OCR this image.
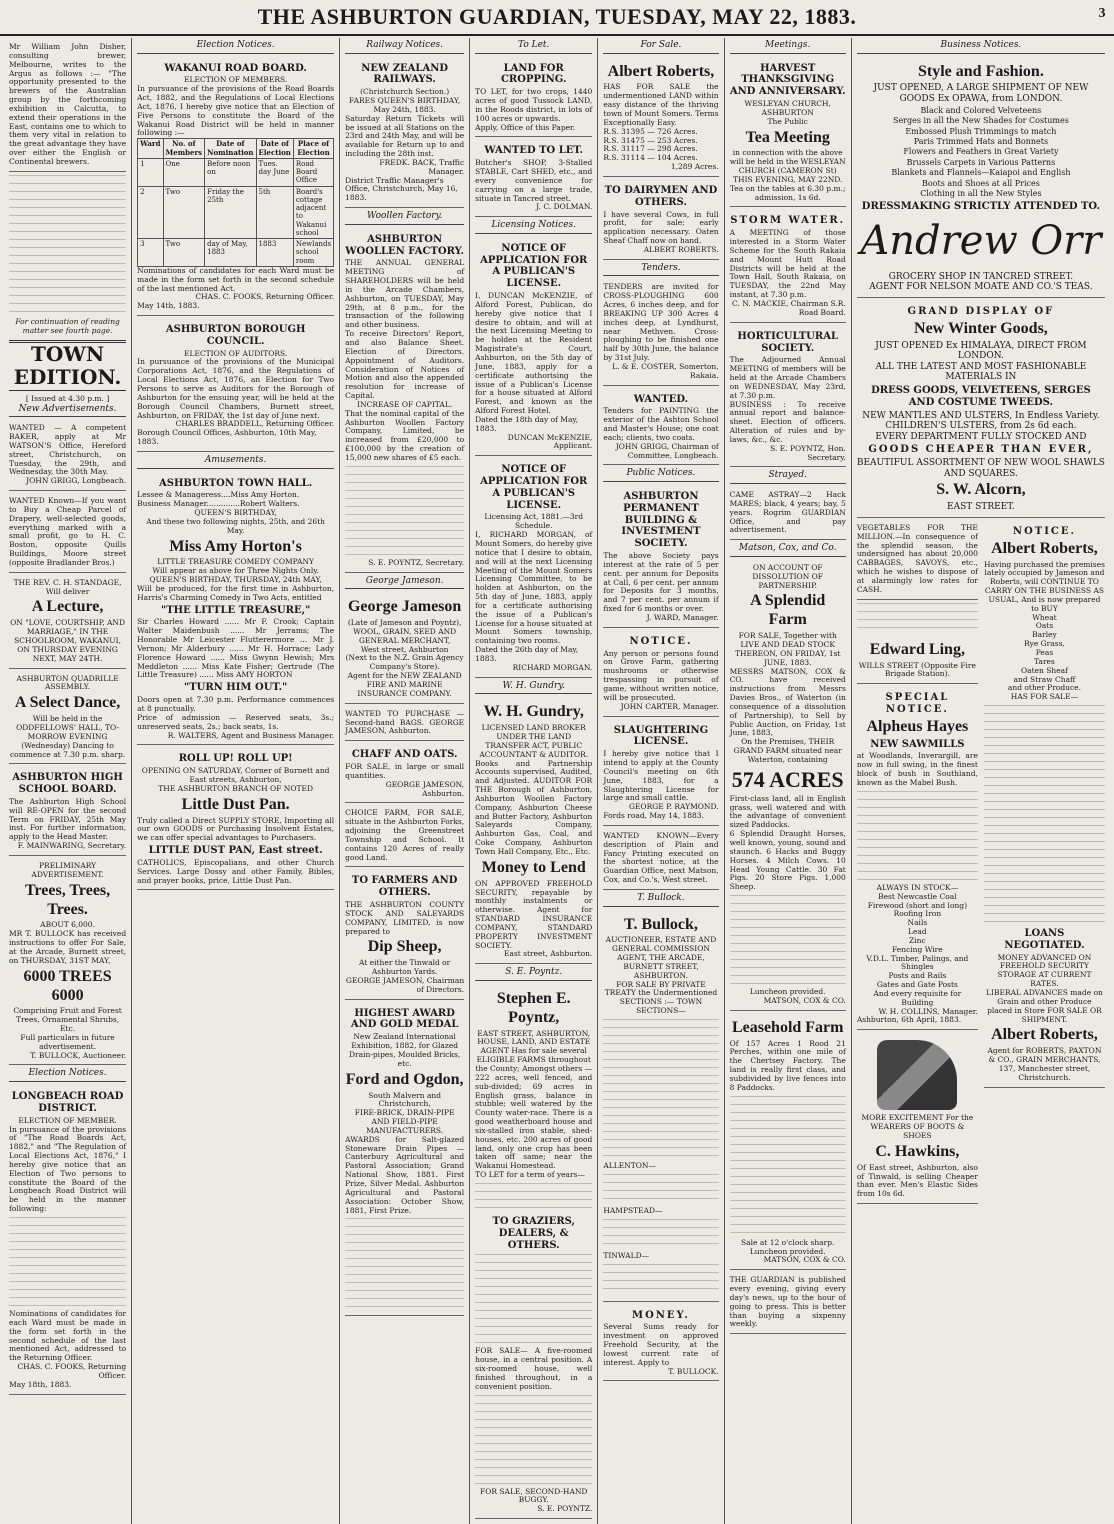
THE ASHBURTON GUARDIAN, TUESDAY, MAY 22, 1883.	3
Mr William John Disher, consulting brewer, Melbourne, writes to the Argus as follows :— "The opportunity presented to the brewers of the Australian group by the forthcoming exhibition in Calcutta, to extend their operations in the East, contains one to which to them very vital in relation to the great advantage they have over either the English or Continental brewers.
For continuation of reading matter see fourth page.
TOWN EDITION.
[ Issued at 4.30 p.m. ]
New Advertisements.
WANTED — A competent BAKER, apply at Mr WATSON'S Office, Hereford street, Christchurch, on Tuesday, the 29th, and Wednesday, the 30th May.
JOHN GRIGG, Longbeach.
WANTED Known—If you want to Buy a Cheap Parcel of Drapery, well-selected goods, everything marked with a small profit, go to H. C. Boston, opposite Quills Buildings, Moore street (opposite Bradlander Bros.)
THE REV. C. H. STANDAGE, Will deliver
A Lecture,
ON "LOVE, COURTSHIP, AND MARRIAGE," IN THE SCHOOLROOM, WAKANUI, ON THURSDAY EVENING NEXT, MAY 24TH.
ASHBURTON QUADRILLE ASSEMBLY.
A Select Dance,
Will be held in the ODDFELLOWS' HALL, TO-MORROW EVENING (Wednesday) Dancing to commence at 7.30 p.m. sharp.
ASHBURTON HIGH SCHOOL BOARD.
The Ashburton High School will RE-OPEN for the second Term on FRIDAY, 25th May inst. For further information, apply to the Head Master.
F. MAINWARING, Secretary.
PRELIMINARY ADVERTISEMENT.
Trees, Trees, Trees.
ABOUT 6,000.
MR T. BULLOCK has received instructions to offer For Sale, at the Arcade, Burnett street, on THURSDAY, 31ST MAY,
6000 TREES 6000
Comprising Fruit and Forest Trees, Ornamental Shrubs, Etc.
Full particulars in future advertisement.
T. BULLOCK, Auctioneer.
Election Notices.
LONGBEACH ROAD DISTRICT.
ELECTION OF MEMBER.
In pursuance of the provisions of "The Road Boards Act, 1882," and "The Regulation of Local Elections Act, 1876," I hereby give notice that an Election of Two persons to constitute the Board of the Longbeach Road District will be held in the manner following:
Nominations of candidates for each Ward must be made in the form set forth in the second schedule of the last mentioned Act, addressed to the Returning Officer.
CHAS. C. FOOKS, Returning Officer.
May 18th, 1883.
Election Notices.
WAKANUI ROAD BOARD.
ELECTION OF MEMBERS.
In pursuance of the provisions of the Road Boards Act, 1882, and the Regulations of Local Elections Act, 1876, I hereby give notice that an Election of Five Persons to constitute the Board of the Wakanui Road District will be held in manner following :—
Ward	No. of Members	Date of Nomination	Date of Election	Place of Election
1	One	Before noon on	Tues. day June	Road Board Office
2	Two	Friday the 25th	5th	Board's cottage adjacent to Wakanui school
3	Two	day of May, 1883	1883	Newlands school room
Nominations of candidates for each Ward must be made in the form set forth in the second schedule of the last mentioned Act.
CHAS. C. FOOKS, Returning Officer.
May 14th, 1883.
ASHBURTON BOROUGH COUNCIL.
ELECTION OF AUDITORS.
In pursuance of the provisions of the Municipal Corporations Act, 1876, and the Regulations of Local Elections Act, 1876, an Election for Two Persons to serve as Auditors for the Borough of Ashburton for the ensuing year, will be held at the Borough Council Chambers, Burnett street, Ashburton, on FRIDAY, the 1st day of June next.
CHARLES BRADDELL, Returning Officer.
Borough Council Offices, Ashburton, 10th May, 1883.
Amusements.
ASHBURTON TOWN HALL.
Lessee & Manageress....Miss Amy Horton.
Business Manager..............Robert Walters.
QUEEN'S BIRTHDAY,
And these two following nights, 25th, and 26th May.
Miss Amy Horton's
LITTLE TREASURE COMEDY COMPANY
Will appear as above for Three Nights Only.
QUEEN'S BIRTHDAY, THURSDAY, 24th MAY,
Will be produced, for the first time in Ashburton, Harris's Charming Comedy in Two Acts, entitled
"THE LITTLE TREASURE,"
Sir Charles Howard ...... Mr F. Crook; Captain Walter Maidenbush ...... Mr Jerrams; The Honorable Mr Leicester Flutterermore ... Mr J. Vernon; Mr Alderbury ...... Mr H. Horrace; Lady Florence Howard ...... Miss Gwynn Hewish; Mrs Meddleton ...... Miss Kate Fisher; Gertrude (The Little Treasure) ...... Miss AMY HORTON
"TURN HIM OUT."
Doors open at 7.30 p.m. Performance commences at 8 punctually.
Price of admission — Reserved seats, 3s.; unreserved seats, 2s.; back seats, 1s.
R. WALTERS, Agent and Business Manager.
ROLL UP! ROLL UP!
OPENING ON SATURDAY, Corner of Burnett and East streets, Ashburton,
THE ASHBURTON BRANCH OF NOTED
Little Dust Pan.
Truly called a Direct SUPPLY STORE, Importing all our own GOODS or Purchasing Insolvent Estates, we can offer special advantages to Purchasers.
LITTLE DUST PAN, East street.
CATHOLICS, Episcopalians, and other Church Services. Large Dossy and other Family, Bibles, and prayer books, price, Little Dust Pan.
Railway Notices.
NEW ZEALAND RAILWAYS.
(Christchurch Section.)
FARES QUEEN'S BIRTHDAY, May 24th, 1883.
Saturday Return Tickets will be issued at all Stations on the 23rd and 24th May, and will be available for Return up to and including the 28th inst.
FREDK. BACK, Traffic Manager.
District Traffic Manager's Office, Christchurch, May 16, 1883.
Woollen Factory.
ASHBURTON WOOLLEN FACTORY.
THE ANNUAL GENERAL MEETING of SHAREHOLDERS will be held in the Arcade Chambers, Ashburton, on TUESDAY, May 29th, at 8 p.m., for the transaction of the following and other business.
To receive Directors' Report, and also Balance Sheet. Election of Directors. Appointment of Auditors. Consideration of Notices of Motion and also the appended resolution for increase of Capital.
INCREASE OF CAPITAL.
That the nominal capital of the Ashburton Woollen Factory Company, Limited, be increased from £20,000 to £100,000 by the creation of 15,000 new shares of £5 each.
S. E. POYNTZ, Secretary.
George Jameson.
George Jameson
(Late of Jameson and Poyntz),
WOOL, GRAIN, SEED AND GENERAL MERCHANT,
West street, Ashburton
(Next to the N.Z. Grain Agency Company's Store).
Agent for the NEW ZEALAND FIRE AND MARINE INSURANCE COMPANY.
WANTED TO PURCHASE — Second-hand BAGS. GEORGE JAMESON, Ashburton.
CHAFF AND OATS.
FOR SALE, in large or small quantities.
GEORGE JAMESON, Ashburton.
CHOICE FARM, FOR SALE, situate in the Ashburton Forks, adjoining the Greenstreet Township and School. It contains 120 Acres of really good Land.
TO FARMERS AND OTHERS.
THE ASHBURTON COUNTY STOCK AND SALEYARDS COMPANY, LIMITED, is now prepared to
Dip Sheep,
At either the Tinwald or Ashburton Yards.
GEORGE JAMESON, Chairman of Directors.
HIGHEST AWARD AND GOLD MEDAL
New Zealand International Exhibition, 1882, for Glazed Drain-pipes, Moulded Bricks, etc.
Ford and Ogdon,
South Malvern and Christchurch,
FIRE-BRICK, DRAIN-PIPE AND FIELD-PIPE MANUFACTURERS.
AWARDS for Salt-glazed Stoneware Drain Pipes — Canterbury Agricultural and Pastoral Association; Grand National Show, 1881. First Prize, Silver Medal. Ashburton Agricultural and Pastoral Association: October Show, 1881, First Prize.
To Let.
LAND FOR CROPPING.
TO LET, for two crops, 1440 acres of good Tussock LAND, in the Roods district, in lots of 100 acres or upwards.
Apply, Office of this Paper.
WANTED TO LET.
Butcher's SHOP, 3-Stalled STABLE, Cart SHED, etc., and every convenience for carrying on a large trade, situate in Tancred street.
J. C. DOLMAN.
Licensing Notices.
NOTICE OF APPLICATION FOR A PUBLICAN'S LICENSE.
I, DUNCAN McKENZIE, of Alford Forest, Publican, do hereby give notice that I desire to obtain, and will at the next Licensing Meeting to be holden at the Resident Magistrate's Court, Ashburton, on the 5th day of June, 1883, apply for a certificate authorising the issue of a Publican's License for a house situated at Alford Forest, and known as the Alford Forest Hotel.
Dated the 18th day of May, 1883.
DUNCAN McKENZIE, Applicant.
NOTICE OF APPLICATION FOR A PUBLICAN'S LICENSE.
Licensing Act, 1881.—3rd Schedule.
I, RICHARD MORGAN, of Mount Somers, do hereby give notice that I desire to obtain, and will at the next Licensing Meeting of the Mount Somers Licensing Committee, to be holden at Ashburton, on the 5th day of June, 1883, apply for a certificate authorising the issue of a Publican's License for a house situated at Mount Somers township, containing two rooms.
Dated the 26th day of May, 1883.
RICHARD MORGAN.
W. H. Gundry.
W. H. Gundry,
LICENSED LAND BROKER UNDER THE LAND TRANSFER ACT, PUBLIC ACCOUNTANT & AUDITOR.
Books and Partnership Accounts supervised, Audited, and Adjusted. AUDITOR FOR THE Borough of Ashburton, Ashburton Woollen Factory Company, Ashburton Cheese and Butter Factory, Ashburton Saleyards Company, Ashburton Gas, Coal, and Coke Company, Ashburton Town Hall Company, Etc., Etc.
Money to Lend
ON APPROVED FREEHOLD SECURITY, repayable by monthly instalments or otherwise. Agent for STANDARD INSURANCE COMPANY, STANDARD PROPERTY INVESTMENT SOCIETY.
East street, Ashburton.
S. E. Poyntz.
Stephen E. Poyntz,
EAST STREET, ASHBURTON, HOUSE, LAND, AND ESTATE AGENT Has for sale several ELIGIBLE FARMS throughout the County; Amongst others —
222 acres, well fenced, and sub-divided; 69 acres in English grass, balance in stubble; well watered by the County water-race. There is a good weatherboard house and six-stalled iron stable, shed-houses, etc. 200 acres of good land, only one crop has been taken off same; near the Wakanui Homestead.
TO LET for a term of years—
TO GRAZIERS, DEALERS, & OTHERS.
FOR SALE— A five-roomed house, in a central position. A six-roomed house, well finished throughout, in a convenient position.
FOR SALE, SECOND-HAND BUGGY.
S. E. POYNTZ.
For Sale.
Albert Roberts,
HAS FOR SALE the undermentioned LAND within easy distance of the thriving town of Mount Somers. Terms Exceptionally Easy.
R.S. 31395 — 726 Acres.
R.S. 31475 — 253 Acres.
R.S. 31117 — 298 Acres.
R.S. 31114 — 104 Acres.
1,289 Acres.
TO DAIRYMEN AND OTHERS.
I have several Cows, in full profit, for sale; early application necessary. Oaten Sheaf Chaff now on hand.
ALBERT ROBERTS.
Tenders.
TENDERS are invited for CROSS-PLOUGHING 600 Acres, 6 inches deep, and for BREAKING UP 300 Acres 4 inches deep, at Lyndhurst, near Methven. Cross-ploughing to be finished one half by 30th June, the balance by 31st July.
L. & E. COSTER, Somerton, Rakaia.
WANTED.
Tenders for PAINTING the exterior of the Ashton School and Master's House; one coat each; clients, two coats.
JOHN GRIGG, Chairman of Committee, Longbeach.
Public Notices.
ASHBURTON PERMANENT BUILDING & INVESTMENT SOCIETY.
The above Society pays interest at the rate of 5 per cent. per annum for Deposits at Call, 6 per cent. per annum for Deposits for 3 months, and 7 per cent. per annum if fixed for 6 months or over.
J. WARD, Manager.
NOTICE.
Any person or persons found on Grove Farm, gathering mushrooms or otherwise trespassing in pursuit of game, without written notice, will be prosecuted.
JOHN CARTER, Manager.
SLAUGHTERING LICENSE.
I hereby give notice that I intend to apply at the County Council's meeting on 6th June, 1883, for a Slaughtering License for large and small cattle.
GEORGE P. RAYMOND.
Fords road, May 14, 1883.
WANTED KNOWN—Every description of Plain and Fancy Printing executed on the shortest notice, at the Guardian Office, next Matson, Cox, and Co.'s, West street.
T. Bullock.
T. Bullock,
AUCTIONEER, ESTATE AND GENERAL COMMISSION AGENT, THE ARCADE, BURNETT STREET, ASHBURTON.
FOR SALE BY PRIVATE TREATY the Undermentioned SECTIONS :— TOWN SECTIONS—
ALLENTON—
HAMPSTEAD—
TINWALD—
MONEY.
Several Sums ready for investment on approved Freehold Security, at the lowest current rate of interest. Apply to
T. BULLOCK.
Meetings.
HARVEST THANKSGIVING AND ANNIVERSARY.
WESLEYAN CHURCH, ASHBURTON
The Public
Tea Meeting
in connection with the above will be held in the WESLEYAN CHURCH (CAMERON St) THIS EVENING, MAY 22ND.
Tea on the tables at 6.30 p.m.; admission, 1s 6d.
STORM WATER.
A MEETING of those interested in a Storm Water Scheme for the South Rakaia and Mount Hutt Road Districts will be held at the Town Hall, South Rakaia, on TUESDAY, the 22nd May instant, at 7.30 p.m.
C. N. MACKIE, Chairman S.R. Road Board.
HORTICULTURAL SOCIETY.
The Adjourned Annual MEETING of members will be held at the Arcade Chambers on WEDNESDAY, May 23rd, at 7.30 p.m.
BUSINESS : To receive annual report and balance-sheet. Election of officers. Alteration of rules and by-laws, &c., &c.
S. E. POYNTZ, Hon. Secretary.
Strayed.
CAME ASTRAY—2 Hack MARES; black, 4 years; bay, 5 years. Rogrim GUARDIAN Office, and pay advertisement.
Matson, Cox, and Co.
ON ACCOUNT OF DISSOLUTION OF PARTNERSHIP.
A Splendid Farm
FOR SALE, Together with LIVE AND DEAD STOCK THEREON, ON FRIDAY, 1st JUNE, 1883.
MESSRS MATSON, COX & CO. have received instructions from Messrs Davies Bros., of Waterton (in consequence of a dissolution of Partnership), to Sell by Public Auction, on Friday, 1st June, 1883,
On the Premises, THEIR GRAND FARM situated near Waterton, containing
574 ACRES
First-class land, all in English grass, well watered and with the advantage of convenient sized Paddocks.
6 Splendid Draught Horses, well known, young, sound and staunch. 6 Hacks and Buggy Horses. 4 Milch Cows. 10 Head Young Cattle. 30 Fat Pigs. 20 Store Pigs. 1,000 Sheep.
Luncheon provided.
MATSON, COX & CO.
Leasehold Farm
Of 157 Acres 1 Rood 21 Perches, within one mile of the Chertsey Factory. The land is really first class, and subdivided by live fences into 8 Paddocks.
Sale at 12 o'clock sharp.
Luncheon provided.
MATSON, COX & CO.
THE GUARDIAN is published every evening, giving every day's news, up to the hour of going to press. This is better than buying a sixpenny weekly.
Business Notices.
Style and Fashion.
JUST OPENED, A LARGE SHIPMENT OF NEW GOODS Ex OPAWA, from LONDON.
Black and Colored Velveteens
Serges in all the New Shades for Costumes
Embossed Plush Trimmings to match
Paris Trimmed Hats and Bonnets
Flowers and Feathers in Great Variety
Brussels Carpets in Various Patterns
Blankets and Flannels—Kaiapoi and English
Boots and Shoes at all Prices
Clothing in all the New Styles
DRESSMAKING STRICTLY ATTENDED TO.
Andrew Orr
GROCERY SHOP IN TANCRED STREET.
AGENT FOR NELSON MOATE AND CO.'S TEAS.
GRAND DISPLAY OF
New Winter Goods,
JUST OPENED Ex HIMALAYA, DIRECT FROM LONDON.
ALL THE LATEST AND MOST FASHIONABLE MATERIALS IN
DRESS GOODS, VELVETEENS, SERGES AND COSTUME TWEEDS.
NEW MANTLES AND ULSTERS, In Endless Variety.
CHILDREN'S ULSTERS, from 2s 6d each.
EVERY DEPARTMENT FULLY STOCKED AND
GOODS CHEAPER THAN EVER,
BEAUTIFUL ASSORTMENT OF NEW WOOL SHAWLS AND SQUARES.
S. W. Alcorn,
EAST STREET.
VEGETABLES FOR THE MILLION.—In consequence of the splendid season, the undersigned has about 20,000 CABBAGES, SAVOYS, etc., which he wishes to dispose of at alarmingly low rates for CASH.
Edward Ling,
WILLS STREET (Opposite Fire Brigade Station).
SPECIAL NOTICE.
Alpheus Hayes
NEW SAWMILLS
at Woodlands, Inverargill, are now in full swing, in the finest block of bush in Southland, known as the Mabel Bush.
ALWAYS IN STOCK—
Best Newcastle Coal
Firewood (short and long)
Roofing Iron
Nails
Lead
Zinc
Fencing Wire
V.D.L. Timber, Palings, and Shingles
Posts and Rails
Gates and Gate Posts
And every requisite for Building
W. H. COLLINS, Manager.
Ashburton, 6th April, 1883.
MORE EXCITEMENT For the WEARERS OF BOOTS & SHOES
C. Hawkins,
Of East street, Ashburton, also of Tinwald, is selling Cheaper than ever. Men's Elastic Sides from 10s 6d.
NOTICE.
Albert Roberts,
Having purchased the premises lately occupied by Jameson and Roberts, will CONTINUE TO CARRY ON THE BUSINESS AS USUAL, And is now prepared to BUY
Wheat
Oats
Barley
Rye Grass,
Peas
Tares
Oaten Sheaf
and Straw Chaff
and other Produce.
HAS FOR SALE—
LOANS NEGOTIATED.
MONEY ADVANCED ON FREEHOLD SECURITY
STORAGE AT CURRENT RATES.
LIBERAL ADVANCES made on Grain and other Produce placed in Store FOR SALE OR SHIPMENT.
Albert Roberts,
Agent for ROBERTS, PAXTON & CO., GRAIN MERCHANTS,
137, Manchester street, Christchurch.
